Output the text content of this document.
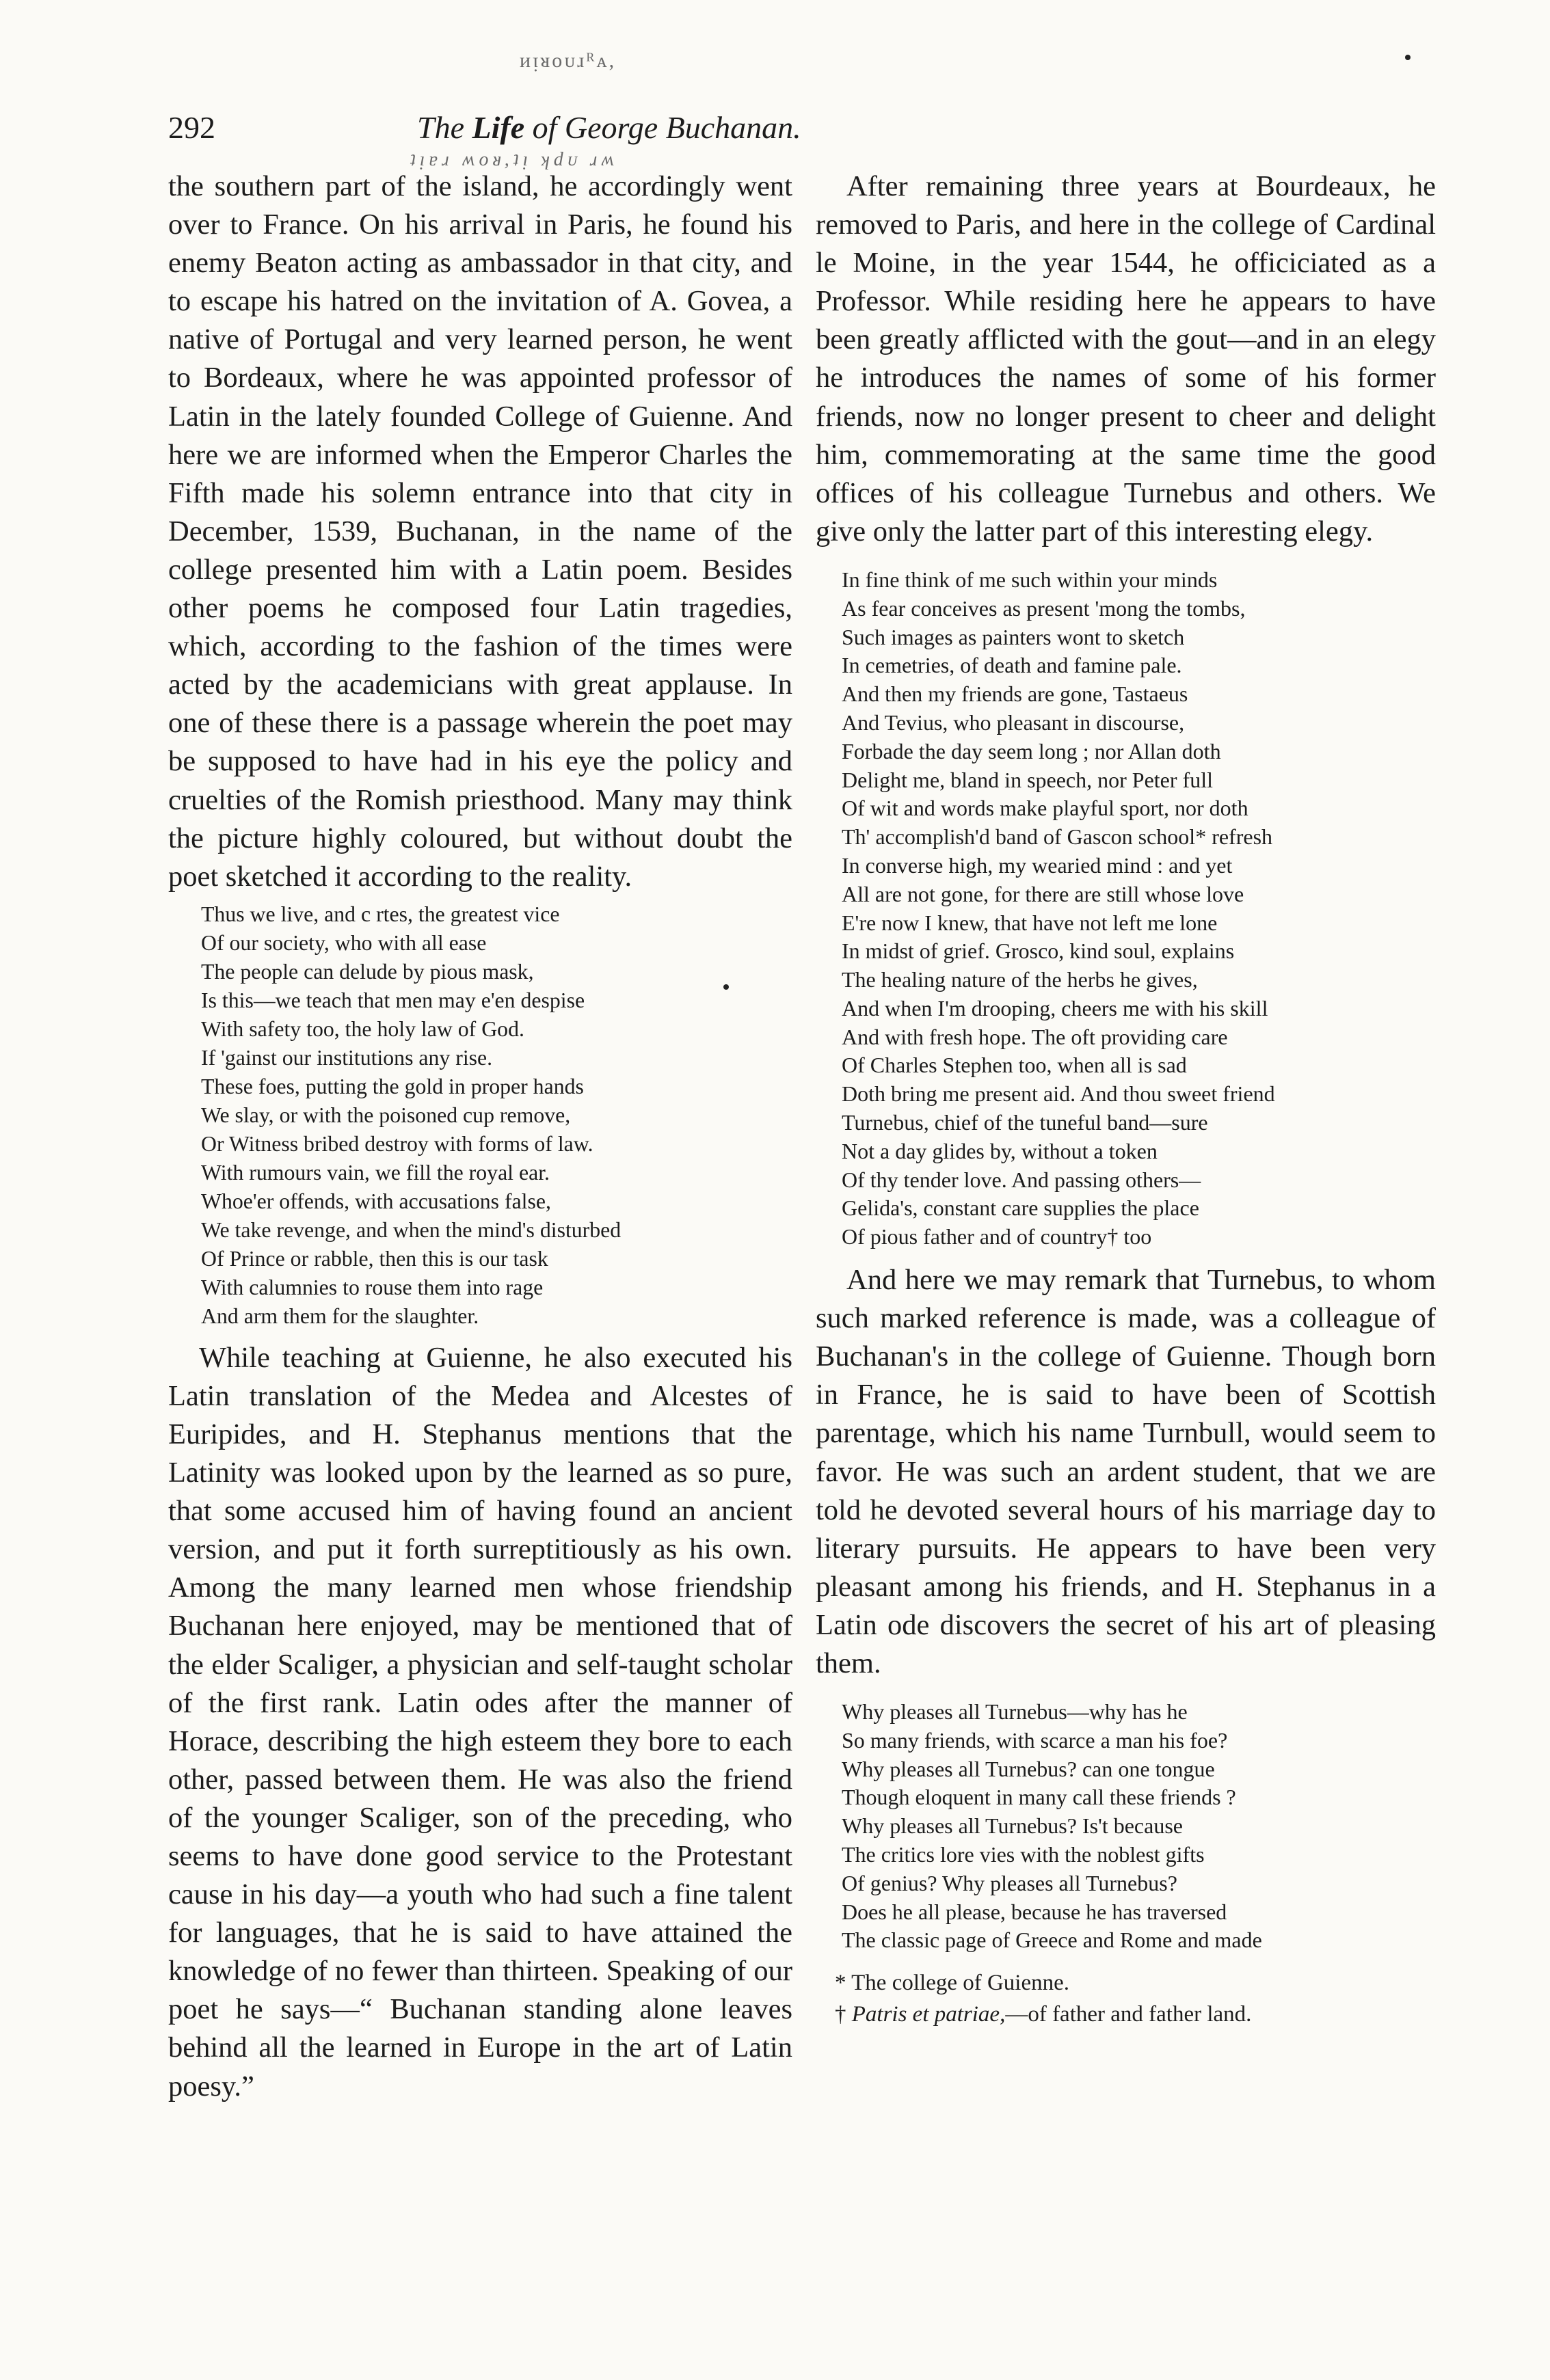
ᴎᴉᴚᴏᴜɹᴿᴀ,
ʇᴉɐɹ ʍoᴚ,ʇᴉ ʞdᴜ ɹʍ
292	The Life of George Buchanan.

the southern part of the island, he accordingly went over to France. On his arrival in Paris, he found his enemy Beaton acting as ambassador in that city, and to escape his hatred on the invitation of A. Govea, a native of Portugal and very learned person, he went to Bordeaux, where he was appointed professor of Latin in the lately founded College of Guienne. And here we are informed when the Emperor Charles the Fifth made his solemn entrance into that city in December, 1539, Buchanan, in the name of the college presented him with a Latin poem. Besides other poems he composed four Latin tragedies, which, according to the fashion of the times were acted by the academicians with great applause. In one of these there is a passage wherein the poet may be supposed to have had in his eye the policy and cruelties of the Romish priesthood. Many may think the picture highly coloured, but without doubt the poet sketched it according to the reality.

Thus we live, and c rtes, the greatest vice
Of our society, who with all ease
The people can delude by pious mask,
Is this—we teach that men may e'en despise
With safety too, the holy law of God.
If 'gainst our institutions any rise.
These foes, putting the gold in proper hands
We slay, or with the poisoned cup remove,
Or Witness bribed destroy with forms of law.
With rumours vain, we fill the royal ear.
Whoe'er offends, with accusations false,
We take revenge, and when the mind's disturbed
Of Prince or rabble, then this is our task
With calumnies to rouse them into rage
And arm them for the slaughter.

While teaching at Guienne, he also executed his Latin translation of the Medea and Alcestes of Euripides, and H. Stephanus mentions that the Latinity was looked upon by the learned as so pure, that some accused him of having found an ancient version, and put it forth surreptitiously as his own. Among the many learned men whose friendship Buchanan here enjoyed, may be mentioned that of the elder Scaliger, a physician and self-taught scholar of the first rank. Latin odes after the manner of Horace, describing the high esteem they bore to each other, passed between them. He was also the friend of the younger Scaliger, son of the preceding, who seems to have done good service to the Protestant cause in his day—a youth who had such a fine talent for languages, that he is said to have attained the knowledge of no fewer than thirteen. Speaking of our poet he says—“ Buchanan standing alone leaves behind all the learned in Europe in the art of Latin poesy.”

After remaining three years at Bourdeaux, he removed to Paris, and here in the college of Cardinal le Moine, in the year 1544, he officiciated as a Professor. While residing here he appears to have been greatly afflicted with the gout—and in an elegy he introduces the names of some of his former friends, now no longer present to cheer and delight him, commemorating at the same time the good offices of his colleague Turnebus and others. We give only the latter part of this interesting elegy.

In fine think of me such within your minds
As fear conceives as present 'mong the tombs,
Such images as painters wont to sketch
In cemetries, of death and famine pale.
And then my friends are gone, Tastaeus
And Tevius, who pleasant in discourse,
Forbade the day seem long ; nor Allan doth
Delight me, bland in speech, nor Peter full
Of wit and words make playful sport, nor doth
Th' accomplish'd band of Gascon school* refresh
In converse high, my wearied mind : and yet
All are not gone, for there are still whose love
E're now I knew, that have not left me lone
In midst of grief. Grosco, kind soul, explains
The healing nature of the herbs he gives,
And when I'm drooping, cheers me with his skill
And with fresh hope. The oft providing care
Of Charles Stephen too, when all is sad
Doth bring me present aid. And thou sweet friend
Turnebus, chief of the tuneful band—sure
Not a day glides by, without a token
Of thy tender love. And passing others—
Gelida's, constant care supplies the place
Of pious father and of country† too

And here we may remark that Turnebus, to whom such marked reference is made, was a colleague of Buchanan's in the college of Guienne. Though born in France, he is said to have been of Scottish parentage, which his name Turnbull, would seem to favor. He was such an ardent student, that we are told he devoted several hours of his marriage day to literary pursuits. He appears to have been very pleasant among his friends, and H. Stephanus in a Latin ode discovers the secret of his art of pleasing them.

Why pleases all Turnebus—why has he
So many friends, with scarce a man his foe?
Why pleases all Turnebus? can one tongue
Though eloquent in many call these friends ?
Why pleases all Turnebus? Is't because
The critics lore vies with the noblest gifts
Of genius? Why pleases all Turnebus?
Does he all please, because he has traversed
The classic page of Greece and Rome and made
* The college of Guienne.
† Patris et patriae,—of father and father land.
